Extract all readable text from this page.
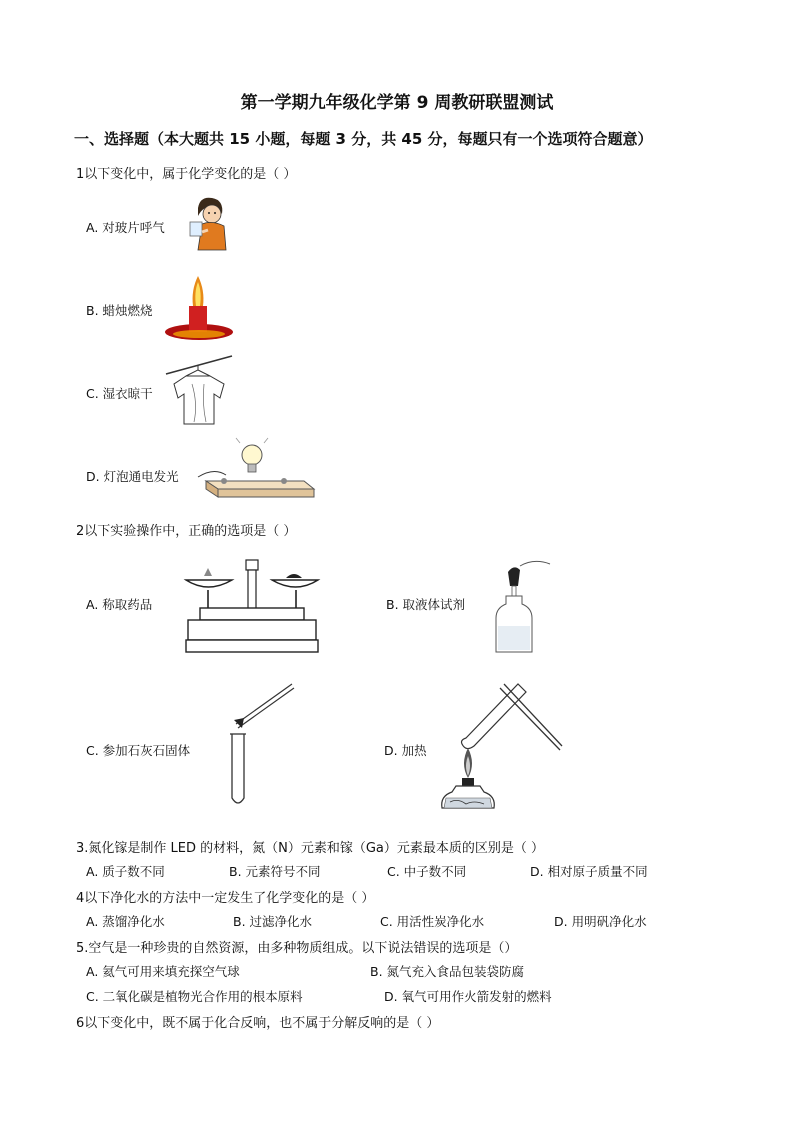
第一学期九年级化学第 9 周教研联盟测试
一、选择题（本大题共 15 小题，每题 3 分，共 45 分，每题只有一个选项符合题意）
1以下变化中，属于化学变化的是（ ）
A. 对玻片呼气
B. 蜡烛燃烧
C. 湿衣晾干
D. 灯泡通电发光
2以下实验操作中，正确的选项是（ ）
A. 称取药品	B. 取液体试剂
C. 参加石灰石固体	D. 加热
3.氮化镓是制作 LED 的材料，氮（N）元素和镓（Ga）元素最本质的区别是（ ）
A. 质子数不同	B. 元素符号不同	C. 中子数不同	D. 相对原子质量不同
4以下净化水的方法中一定发生了化学变化的是（ ）
A. 蒸馏净化水	B. 过滤净化水	C. 用活性炭净化水	D. 用明矾净化水
5.空气是一种珍贵的自然资源，由多种物质组成。以下说法错误的选项是（）
A. 氦气可用来填充探空气球	B. 氮气充入食品包装袋防腐
C. 二氧化碳是植物光合作用的根本原料	D. 氧气可用作火箭发射的燃料
6以下变化中，既不属于化合反响，也不属于分解反响的是（ ）
